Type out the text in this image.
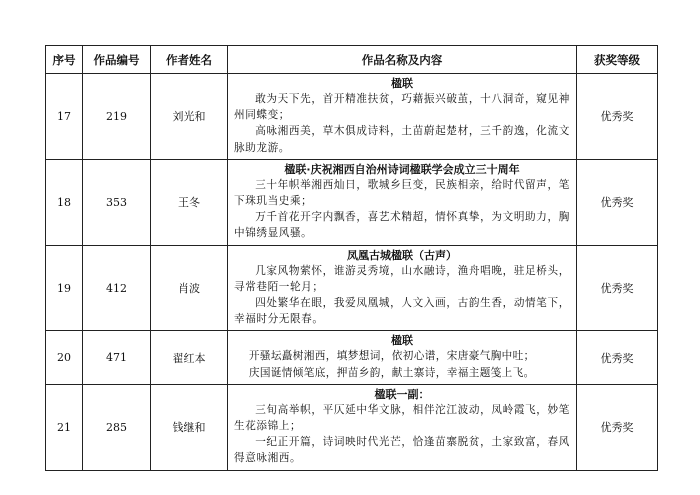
序号	作品编号	作者姓名	作品名称及内容	获奖等级
17	219	刘光和	楹联
敢为天下先，首开精准扶贫，巧藉振兴破茧，十八洞奇，窥见神州同蝶变；
高咏湘西美，草木俱成诗料，土苗蔚起楚材，三千韵逸，化流文脉助龙游。	优秀奖
18	353	王冬	楹联·庆祝湘西自治州诗词楹联学会成立三十周年
三十年帜举湘西灿日，歌城乡巨变，民族相亲，给时代留声，笔下珠玑当史乘；
万千首花开字内飘香，喜艺术精超，情怀真挚，为文明助力，胸中锦绣显风骚。	优秀奖
19	412	肖波	凤凰古城楹联（古声）
几家风物萦怀，谁游灵秀境，山水融诗，渔舟唱晚，驻足桥头，寻常巷陌一轮月；
四处繁华在眼，我爱凤凰城，人文入画，古韵生香，动情笔下，幸福时分无限春。	优秀奖
20	471	翟红本	楹联
开骚坛矗树湘西，填梦想词，依初心谱，宋唐豪气胸中吐；
庆国诞情倾笔底，押苗乡韵，献土寨诗，幸福主题笺上飞。	优秀奖
21	285	钱继和	楹联一副：
三旬高举帜，平仄延中华文脉，相伴沱江波动，凤岭霞飞，妙笔生花添锦上；
一纪正开篇，诗词映时代光芒，恰逢苗寨脱贫，土家致富，春风得意咏湘西。	优秀奖
